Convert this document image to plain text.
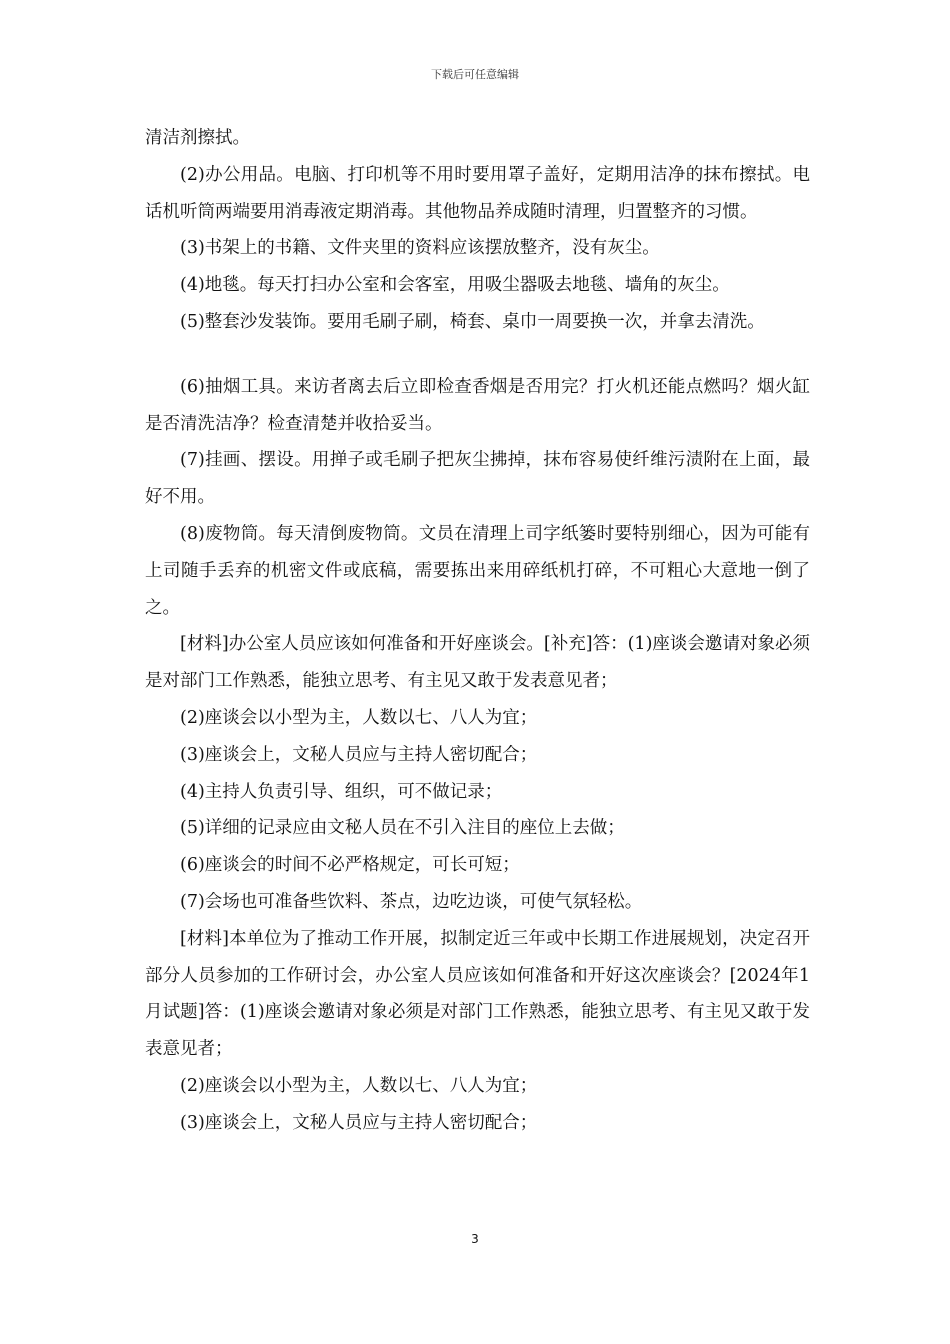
下载后可任意编辑

清洁剂擦拭。

(2)办公用品。电脑、打印机等不用时要用罩子盖好，定期用洁净的抹布擦拭。电话机听筒两端要用消毒液定期消毒。其他物品养成随时清理，归置整齐的习惯。

(3)书架上的书籍、文件夹里的资料应该摆放整齐，没有灰尘。

(4)地毯。每天打扫办公室和会客室，用吸尘器吸去地毯、墙角的灰尘。

(5)整套沙发装饰。要用毛刷子刷，椅套、桌巾一周要换一次，并拿去清洗。

(6)抽烟工具。来访者离去后立即检查香烟是否用完？打火机还能点燃吗？烟火缸是否清洗洁净？检查清楚并收拾妥当。

(7)挂画、摆设。用掸子或毛刷子把灰尘拂掉，抹布容易使纤维污渍附在上面，最好不用。

(8)废物筒。每天清倒废物筒。文员在清理上司字纸篓时要特别细心，因为可能有上司随手丢弃的机密文件或底稿，需要拣出来用碎纸机打碎，不可粗心大意地一倒了之。

[材料]办公室人员应该如何准备和开好座谈会。[补充]答：(1)座谈会邀请对象必须是对部门工作熟悉，能独立思考、有主见又敢于发表意见者；

(2)座谈会以小型为主，人数以七、八人为宜；

(3)座谈会上，文秘人员应与主持人密切配合；

(4)主持人负责引导、组织，可不做记录；

(5)详细的记录应由文秘人员在不引入注目的座位上去做；

(6)座谈会的时间不必严格规定，可长可短；

(7)会场也可准备些饮料、茶点，边吃边谈，可使气氛轻松。

[材料]本单位为了推动工作开展，拟制定近三年或中长期工作进展规划，决定召开部分人员参加的工作研讨会，办公室人员应该如何准备和开好这次座谈会？[2024年1月试题]答：(1)座谈会邀请对象必须是对部门工作熟悉，能独立思考、有主见又敢于发表意见者；

(2)座谈会以小型为主，人数以七、八人为宜；

(3)座谈会上，文秘人员应与主持人密切配合；

3
